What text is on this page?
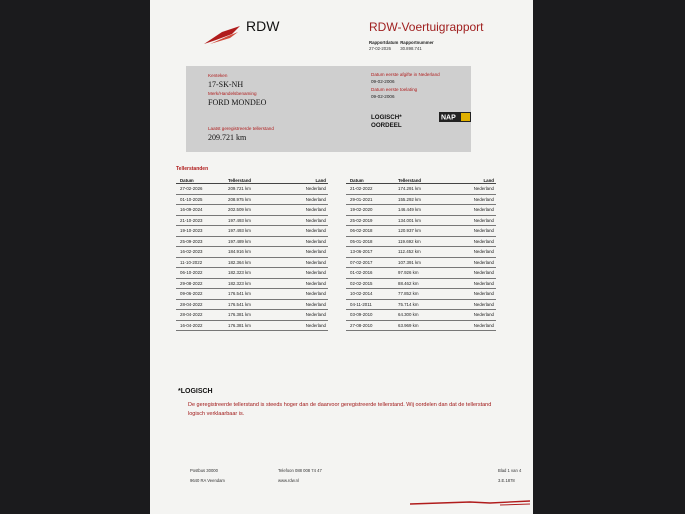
RDW	RDW-Voertuigrapport
Rapportdatum Rapportnummer
27-02-2026 30.898.741
Kenteken
17-SK-NH
Merk/Handelsbenaming
FORD MONDEO
Laatst geregistreerde tellerstand
209.721 km
Datum eerste afgifte in Nederland
09-02-2006
Datum eerste toelating
09-02-2006
LOGISCH*
OORDEEL
NAP
Tellerstanden
Datum	Tellerstand	Land
27-02-2026	209.721 km	Nederland
01-10-2025	208.975 km	Nederland
16-09-2024	202.509 km	Nederland
21-10-2023	197.493 km	Nederland
19-10-2023	197.493 km	Nederland
25-09-2023	197.489 km	Nederland
16-02-2023	184.916 km	Nederland
11-10-2022	182.364 km	Nederland
06-10-2022	182.323 km	Nederland
29-08-2022	182.323 km	Nederland
09-06-2022	176.541 km	Nederland
28-04-2022	176.541 km	Nederland
28-04-2022	176.381 km	Nederland
16-04-2022	176.381 km	Nederland
Datum	Tellerstand	Land
21-02-2022	174.291 km	Nederland
29-01-2021	155.292 km	Nederland
19-02-2020	146.449 km	Nederland
25-02-2019	134.001 km	Nederland
06-02-2018	120.937 km	Nederland
05-01-2018	119.692 km	Nederland
13-06-2017	112.452 km	Nederland
07-02-2017	107.391 km	Nederland
01-02-2016	97.926 km	Nederland
02-02-2015	88.462 km	Nederland
10-02-2014	77.852 km	Nederland
04-11-2011	75.714 km	Nederland
03-09-2010	64.300 km	Nederland
27-08-2010	63.969 km	Nederland
*LOGISCH
De geregistreerde tellerstand is steeds hoger dan de daarvoor geregistreerde tellerstand. Wij oordelen dan dat de tellerstand logisch verklaarbaar is.
Postbus 30000
9640 RA Veendam
Telefoon 088 008 74 47
www.rdw.nl
Blad 1 van 4
3.E.1878
